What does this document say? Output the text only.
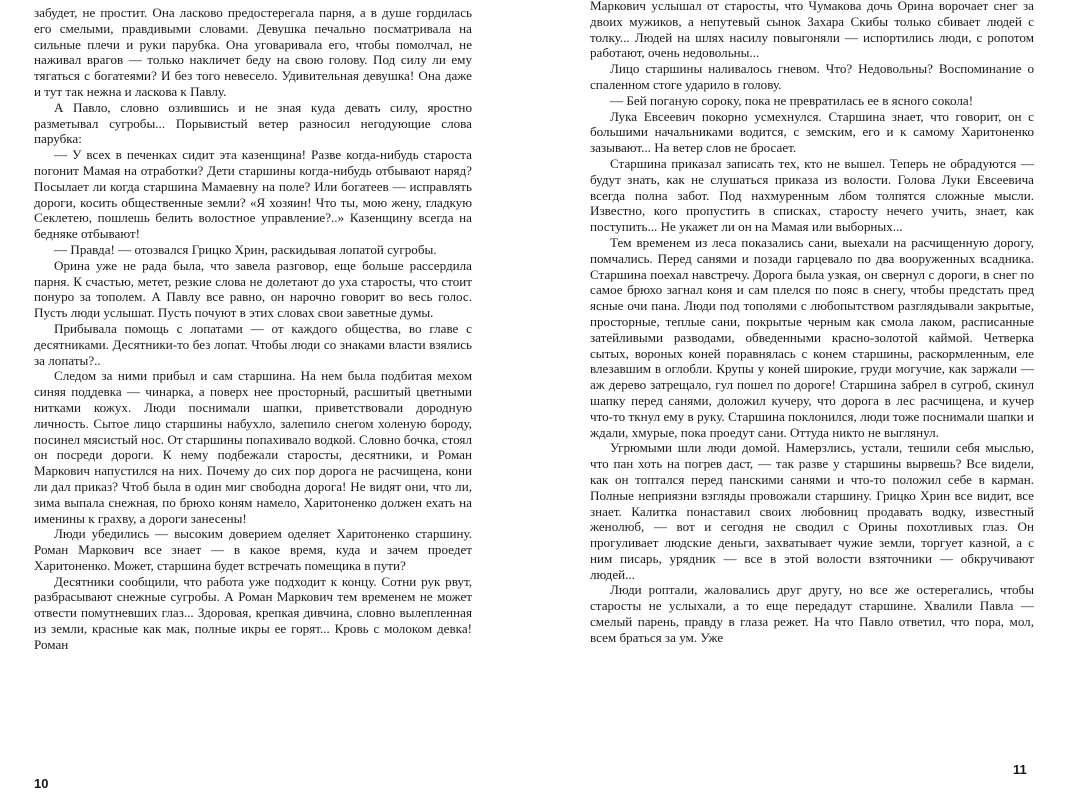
забудет, не простит. Она ласково предостерегала парня, а в душе гордилась его смелыми, правдивыми словами. Девушка печально посматривала на сильные плечи и руки парубка. Она уговаривала его, чтобы помолчал, не наживал врагов — только накличет беду на свою голову. Под силу ли ему тягаться с богатеями? И без того невесело. Удивительная девушка! Она даже и тут так нежна и ласкова к Павлу.

А Павло, словно озлившись и не зная куда девать силу, яростно разметывал сугробы... Порывистый ветер разносил негодующие слова парубка:

— У всех в печенках сидит эта казенщина! Разве когда-нибудь староста погонит Мамая на отработки? Дети старшины когда-нибудь отбывают наряд? Посылает ли когда старшина Мамаевну на поле? Или богатеев — исправлять дороги, косить общественные земли? «Я хозяин! Что ты, мою жену, гладкую Секлетею, пошлешь белить волостное управление?..» Казенщину всегда на бедняке отбывают!

— Правда! — отозвался Грицко Хрин, раскидывая лопатой сугробы.

Орина уже не рада была, что завела разговор, еще больше рассердила парня. К счастью, метет, резкие слова не долетают до уха старосты, что стоит понуро за тополем. А Павлу все равно, он нарочно говорит во весь голос. Пусть люди услышат. Пусть почуют в этих словах свои заветные думы.

Прибывала помощь с лопатами — от каждого общества, во главе с десятниками. Десятники-то без лопат. Чтобы люди со знаками власти взялись за лопаты?..

Следом за ними прибыл и сам старшина. На нем была подбитая мехом синяя поддевка — чинарка, а поверх нее просторный, расшитый цветными нитками кожух. Люди поснимали шапки, приветствовали дородную личность. Сытое лицо старшины набухло, залепило снегом холеную бороду, посинел мясистый нос. От старшины попахивало водкой. Словно бочка, стоял он посреди дороги. К нему подбежали старосты, десятники, и Роман Маркович напустился на них. Почему до сих пор дорога не расчищена, кони ли дал приказ? Чтоб была в один миг свободна дорога! Не видят они, что ли, зима выпала снежная, по брюхо коням намело, Харитоненко должен ехать на именины к грахву, а дороги занесены!

Люди убедились — высоким доверием оделяет Харитоненко старшину. Роман Маркович все знает — в какое время, куда и зачем проедет Харитоненко. Может, старшина будет встречать помещика в пути?

Десятники сообщили, что работа уже подходит к концу. Сотни рук рвут, разбрасывают снежные сугробы. А Роман Маркович тем временем не может отвести помутневших глаз... Здоровая, крепкая дивчина, словно вылепленная из земли, красные как мак, полные икры ее горят... Кровь с молоком девка! Роман

10

Маркович услышал от старосты, что Чумакова дочь Орина ворочает снег за двоих мужиков, а непутевый сынок Захара Скибы только сбивает людей с толку... Людей на шлях насилу повыгоняли — испортились люди, с ропотом работают, очень недовольны...

Лицо старшины наливалось гневом. Что? Недовольны? Воспоминание о спаленном стоге ударило в голову.

— Бей поганую сороку, пока не превратилась ее в ясного сокола!

Лука Евсеевич покорно усмехнулся. Старшина знает, что говорит, он с большими начальниками водится, с земским, его и к самому Харитоненко зазывают... На ветер слов не бросает.

Старшина приказал записать тех, кто не вышел. Теперь не обрадуются — будут знать, как не слушаться приказа из волости. Голова Луки Евсеевича всегда полна забот. Под нахмуренным лбом толпятся сложные мысли. Известно, кого пропустить в списках, старосту нечего учить, знает, как поступить... Не укажет ли он на Мамая или выборных...

Тем временем из леса показались сани, выехали на расчищенную дорогу, помчались. Перед санями и позади гарцевало по два вооруженных всадника. Старшина поехал навстречу. Дорога была узкая, он свернул с дороги, в снег по самое брюхо загнал коня и сам плелся по пояс в снегу, чтобы предстать пред ясные очи пана. Люди под тополями с любопытством разглядывали закрытые, просторные, теплые сани, покрытые черным как смола лаком, расписанные затейливыми разводами, обведенными красно-золотой каймой. Четверка сытых, вороных коней поравнялась с конем старшины, раскормленным, еле влезавшим в оглобли. Крупы у коней широкие, груди могучие, как заржали — аж дерево затрещало, гул пошел по дороге! Старшина забрел в сугроб, скинул шапку перед санями, доложил кучеру, что дорога в лес расчищена, и кучер что-то ткнул ему в руку. Старшина поклонился, люди тоже поснимали шапки и ждали, хмурые, пока проедут сани. Оттуда никто не выглянул.

Угрюмыми шли люди домой. Намерзлись, устали, тешили себя мыслью, что пан хоть на погрев даст, — так разве у старшины вырвешь? Все видели, как он топтался перед панскими санями и что-то положил себе в карман. Полные неприязни взгляды провожали старшину. Грицко Хрин все видит, все знает. Калитка понаставил своих любовниц продавать водку, известный женолюб, — вот и сегодня не сводил с Орины похотливых глаз. Он прогуливает людские деньги, захватывает чужие земли, торгует казной, а с ним писарь, урядник — все в этой волости взяточники — обкручивают людей...

Люди роптали, жаловались друг другу, но все же остерегались, чтобы старосты не услыхали, а то еще передадут старшине. Хвалили Павла — смелый парень, правду в глаза режет. На что Павло ответил, что пора, мол, всем браться за ум. Уже

11
